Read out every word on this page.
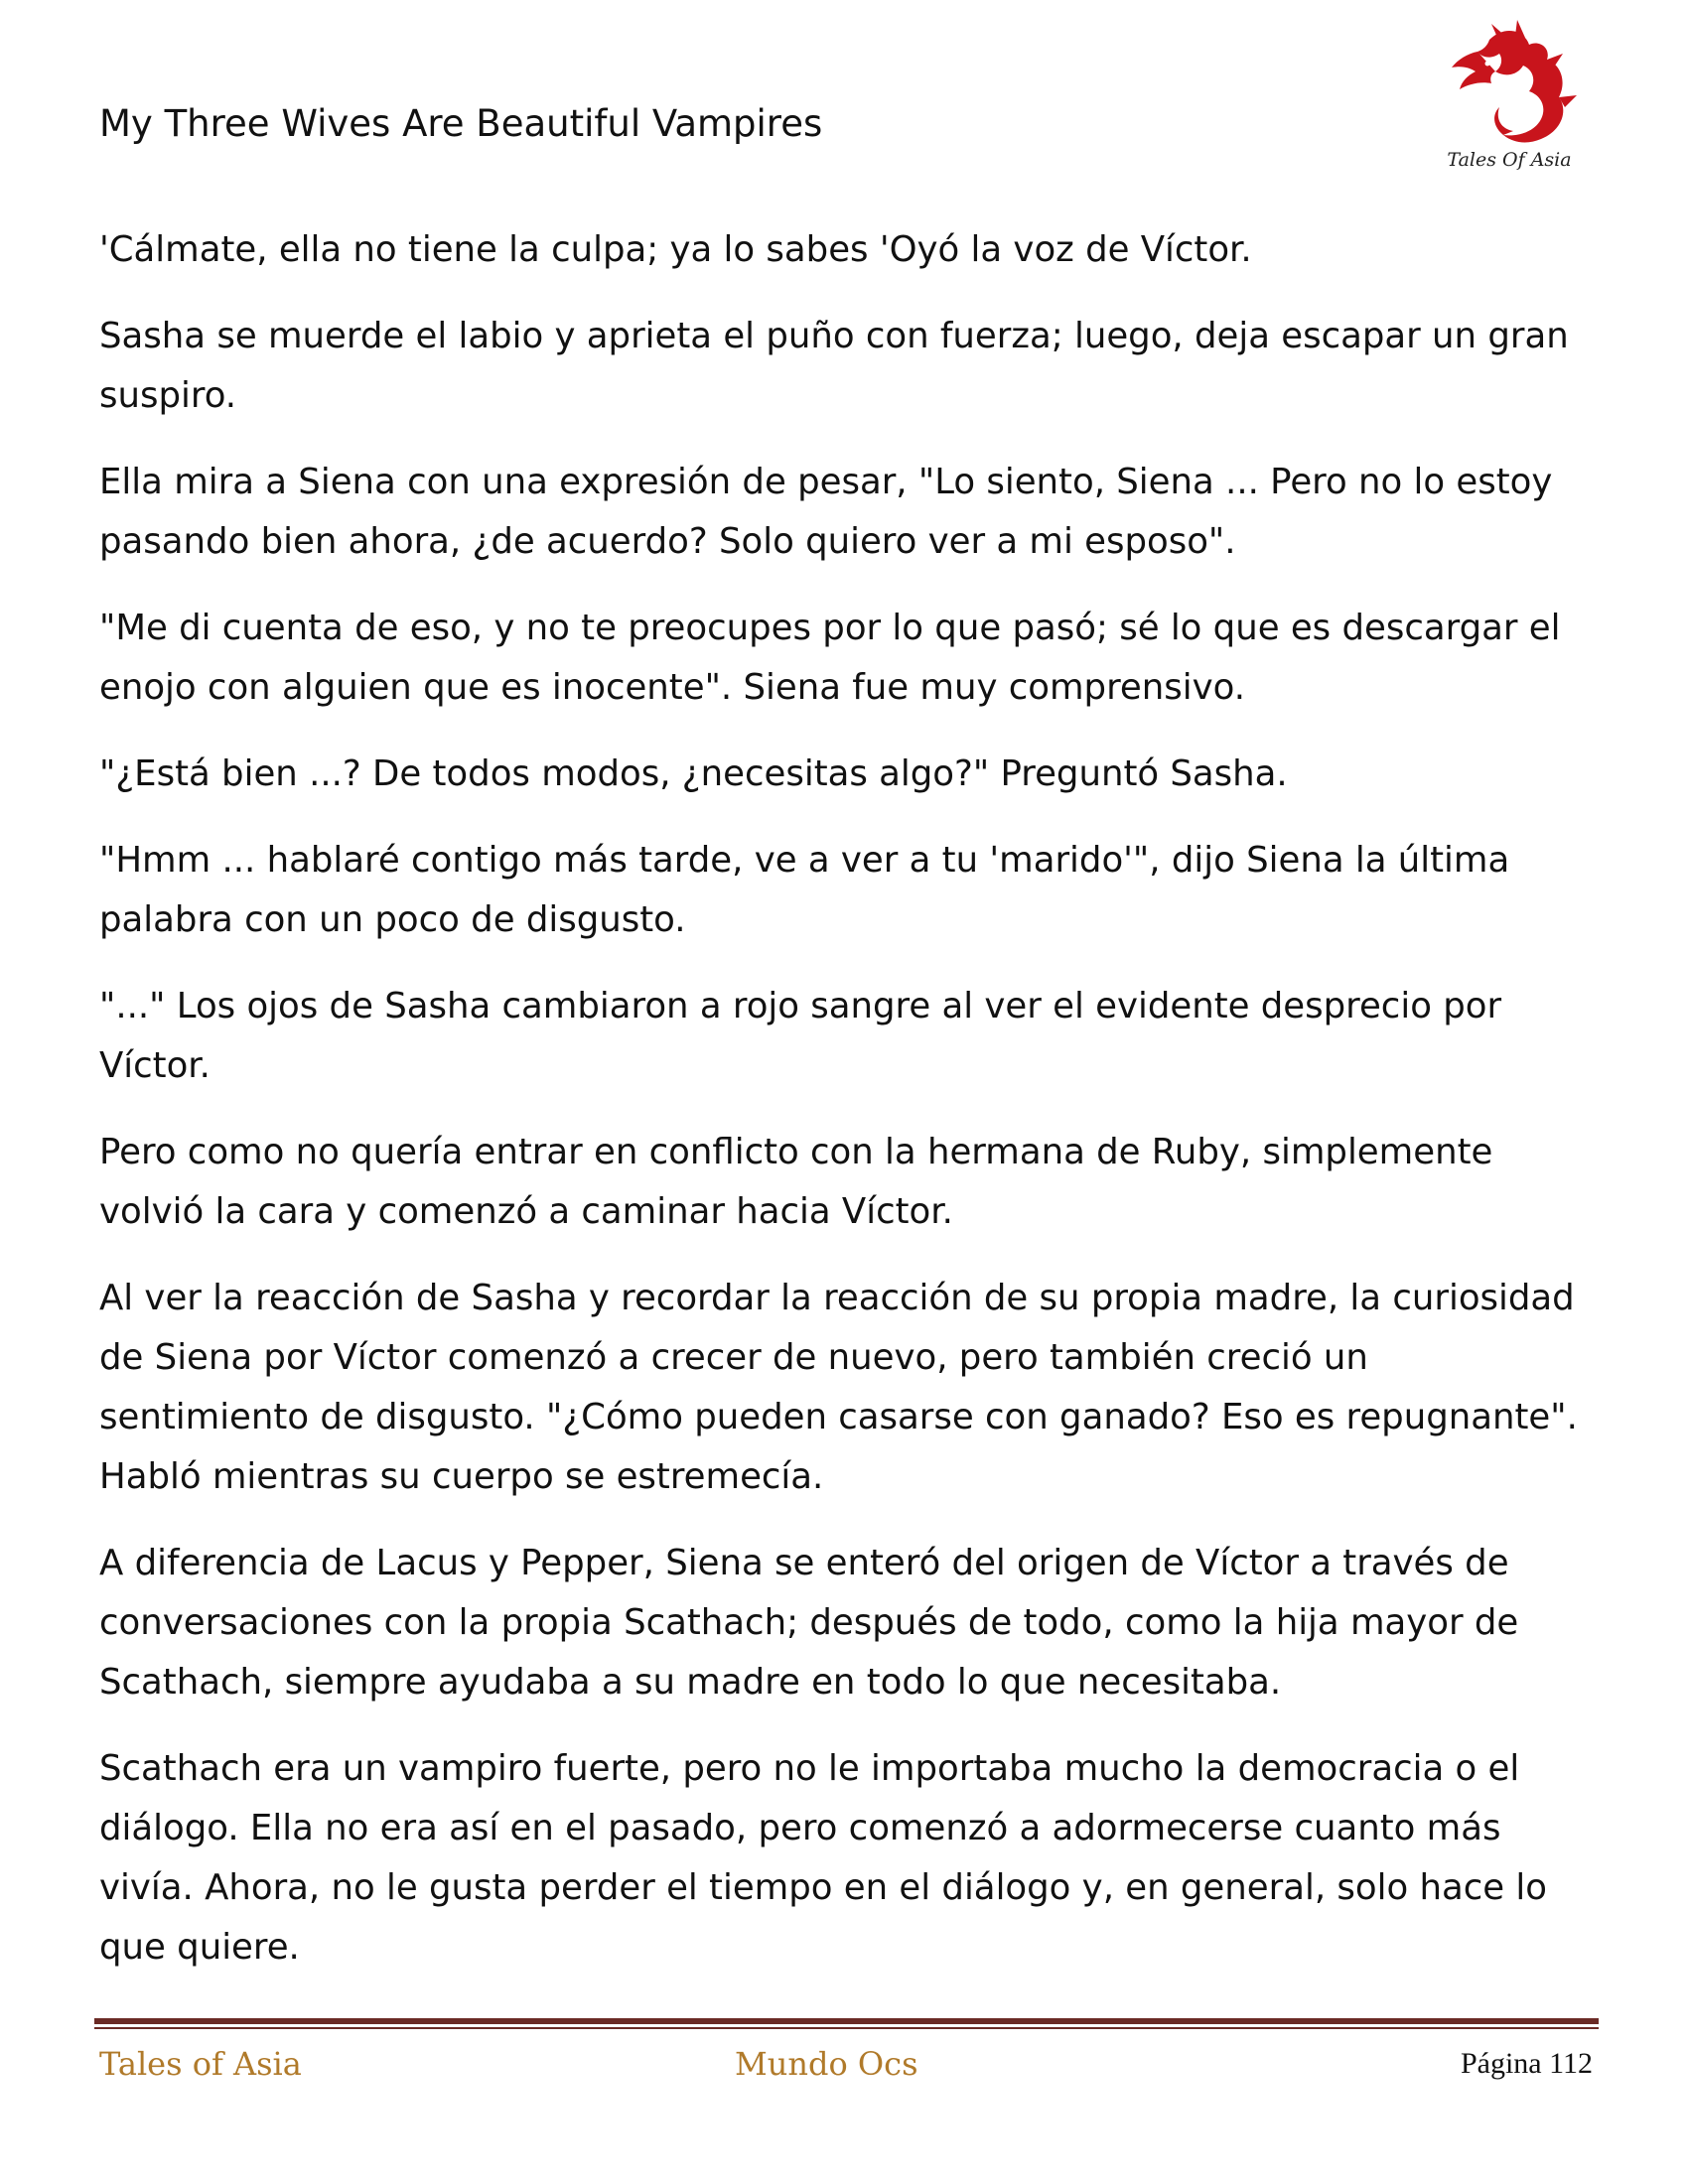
My Three Wives Are Beautiful Vampires
Tales Of Asia

'Cálmate, ella no tiene la culpa; ya lo sabes 'Oyó la voz de Víctor.

Sasha se muerde el labio y aprieta el puño con fuerza; luego, deja escapar un gran suspiro.

Ella mira a Siena con una expresión de pesar, "Lo siento, Siena ... Pero no lo estoy pasando bien ahora, ¿de acuerdo? Solo quiero ver a mi esposo".

"Me di cuenta de eso, y no te preocupes por lo que pasó; sé lo que es descargar el enojo con alguien que es inocente". Siena fue muy comprensivo.

"¿Está bien ...? De todos modos, ¿necesitas algo?" Preguntó Sasha.

"Hmm ... hablaré contigo más tarde, ve a ver a tu 'marido'", dijo Siena la última palabra con un poco de disgusto.

"..." Los ojos de Sasha cambiaron a rojo sangre al ver el evidente desprecio por Víctor.

Pero como no quería entrar en conflicto con la hermana de Ruby, simplemente volvió la cara y comenzó a caminar hacia Víctor.

Al ver la reacción de Sasha y recordar la reacción de su propia madre, la curiosidad de Siena por Víctor comenzó a crecer de nuevo, pero también creció un sentimiento de disgusto. "¿Cómo pueden casarse con ganado? Eso es repugnante". Habló mientras su cuerpo se estremecía.

A diferencia de Lacus y Pepper, Siena se enteró del origen de Víctor a través de conversaciones con la propia Scathach; después de todo, como la hija mayor de Scathach, siempre ayudaba a su madre en todo lo que necesitaba.

Scathach era un vampiro fuerte, pero no le importaba mucho la democracia o el diálogo. Ella no era así en el pasado, pero comenzó a adormecerse cuanto más vivía. Ahora, no le gusta perder el tiempo en el diálogo y, en general, solo hace lo que quiere.

Tales of Asia	Mundo Ocs	Página 112
